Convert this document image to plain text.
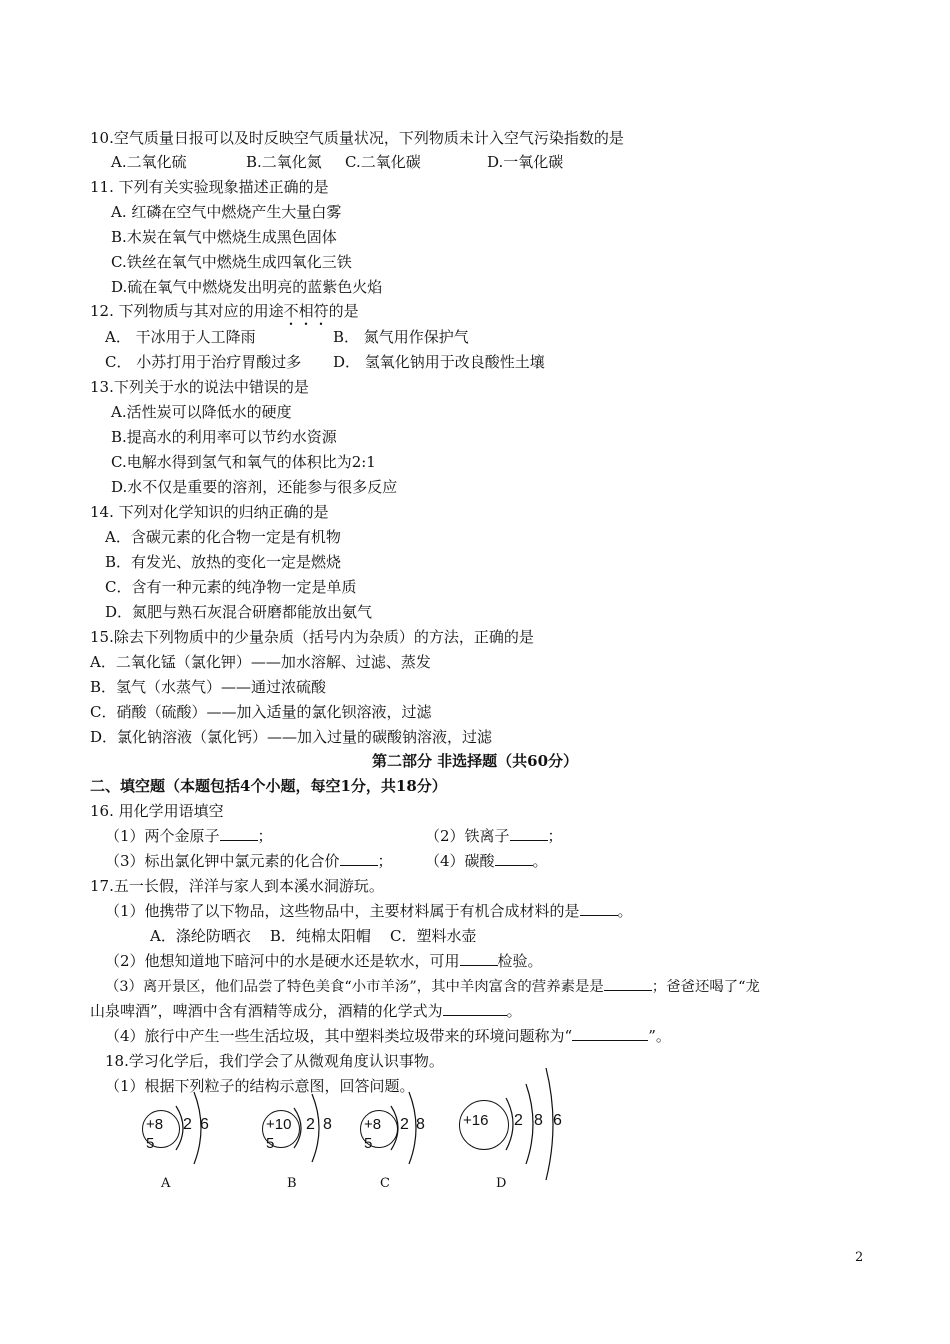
10.空气质量日报可以及时反映空气质量状况，下列物质未计入空气污染指数的是
A.二氧化硫	B.二氧化氮 C.二氧化碳	D.一氧化碳
11. 下列有关实验现象描述正确的是
A. 红磷在空气中燃烧产生大量白雾
B.木炭在氧气中燃烧生成黑色固体
C.铁丝在氧气中燃烧生成四氧化三铁
D.硫在氧气中燃烧发出明亮的蓝紫色火焰
12. 下列物质与其对应的用途不相符的是
A． 干冰用于人工降雨	B． 氮气用作保护气
C． 小苏打用于治疗胃酸过多 D． 氢氧化钠用于改良酸性土壤
13.下列关于水的说法中错误的是
A.活性炭可以降低水的硬度
B.提高水的利用率可以节约水资源
C.电解水得到氢气和氧气的体积比为2:1
D.水不仅是重要的溶剂，还能参与很多反应
14. 下列对化学知识的归纳正确的是
A．含碳元素的化合物一定是有机物
B．有发光、放热的变化一定是燃烧
C．含有一种元素的纯净物一定是单质
D．氮肥与熟石灰混合研磨都能放出氨气
15.除去下列物质中的少量杂质（括号内为杂质）的方法，正确的是
A．二氧化锰（氯化钾）——加水溶解、过滤、蒸发
B．氢气（水蒸气）——通过浓硫酸
C．硝酸（硫酸）——加入适量的氯化钡溶液，过滤
D．氯化钠溶液（氯化钙）——加入过量的碳酸钠溶液，过滤
第二部分 非选择题（共60分）
二、填空题（本题包括4个小题，每空1分，共18分）
16. 用化学用语填空
（1）两个金原子	；	（2）铁离子	；
（3）标出氯化钾中氯元素的化合价	； （4）碳酸	。
17.五一长假，洋洋与家人到本溪水洞游玩。
（1）他携带了以下物品，这些物品中，主要材料属于有机合成材料的是	。
A．涤纶防晒衣    B．纯棉太阳帽    C．塑料水壶
（2）他想知道地下暗河中的水是硬水还是软水，可用	检验。
（3）离开景区，他们品尝了特色美食“小市羊汤”，其中羊肉富含的营养素是是	；爸爸还喝了“龙
山泉啤酒”，啤酒中含有酒精等成分，酒精的化学式为	。
（4）旅行中产生一些生活垃圾，其中塑料类垃圾带来的环境问题称为“	”。
18.学习化学后，我们学会了从微观角度认识事物。
（1）根据下列粒子的结构示意图，回答问题。
+8
5
2 6
A
+10
5
2 8
B
+8
5
2 8
C
+16 2 8 6
D
2
